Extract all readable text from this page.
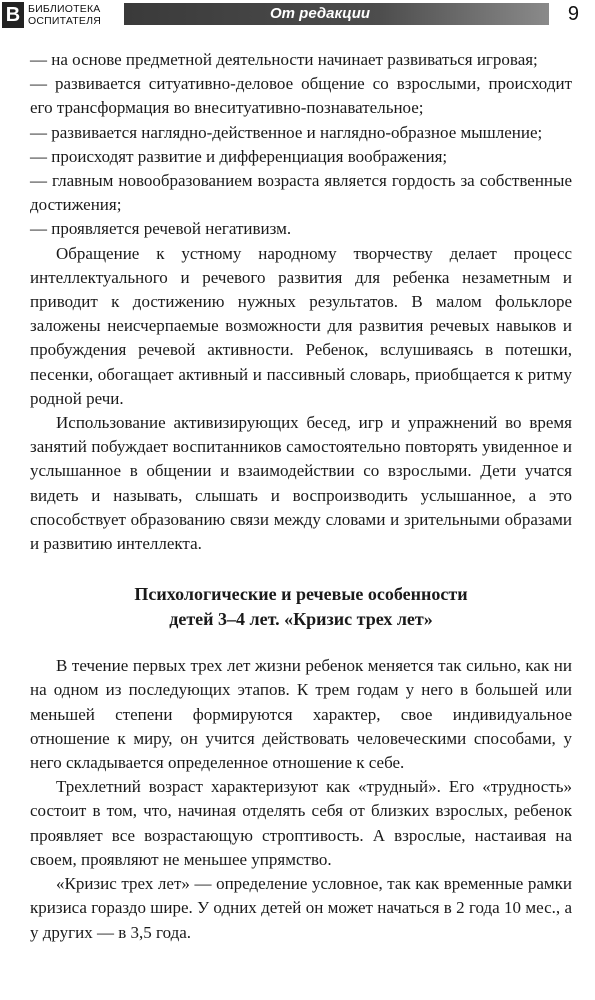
B БИБЛИОТЕКА
ОСПИТАТЕЛЯ	От редакции	9

— на основе предметной деятельности начинает развиваться игровая;

— развивается ситуативно-деловое общение со взрослыми, происходит его трансформация во внеситуативно-познавательное;

— развивается наглядно-действенное и наглядно-образное мышление;

— происходят развитие и дифференциация воображения;

— главным новообразованием возраста является гордость за собственные достижения;

— проявляется речевой негативизм.

Обращение к устному народному творчеству делает процесс интеллектуального и речевого развития для ребенка незаметным и приводит к достижению нужных результатов. В малом фольклоре заложены неисчерпаемые возможности для развития речевых навыков и пробуждения речевой активности. Ребенок, вслушиваясь в потешки, песенки, обогащает активный и пассивный словарь, приобщается к ритму родной речи.

Использование активизирующих бесед, игр и упражнений во время занятий побуждает воспитанников самостоятельно повторять увиденное и услышанное в общении и взаимодействии со взрослыми. Дети учатся видеть и называть, слышать и воспроизводить услышанное, а это способствует образованию связи между словами и зрительными образами и развитию интеллекта.

Психологические и речевые особенности
детей 3–4 лет. «Кризис трех лет»

В течение первых трех лет жизни ребенок меняется так сильно, как ни на одном из последующих этапов. К трем годам у него в большей или меньшей степени формируются характер, свое индивидуальное отношение к миру, он учится действовать человеческими способами, у него складывается определенное отношение к себе.

Трехлетний возраст характеризуют как «трудный». Его «трудность» состоит в том, что, начиная отделять себя от близких взрослых, ребенок проявляет все возрастающую строптивость. А взрослые, настаивая на своем, проявляют не меньшее упрямство.

«Кризис трех лет» — определение условное, так как временные рамки кризиса гораздо шире. У одних детей он может начаться в 2 года 10 мес., а у других — в 3,5 года.
